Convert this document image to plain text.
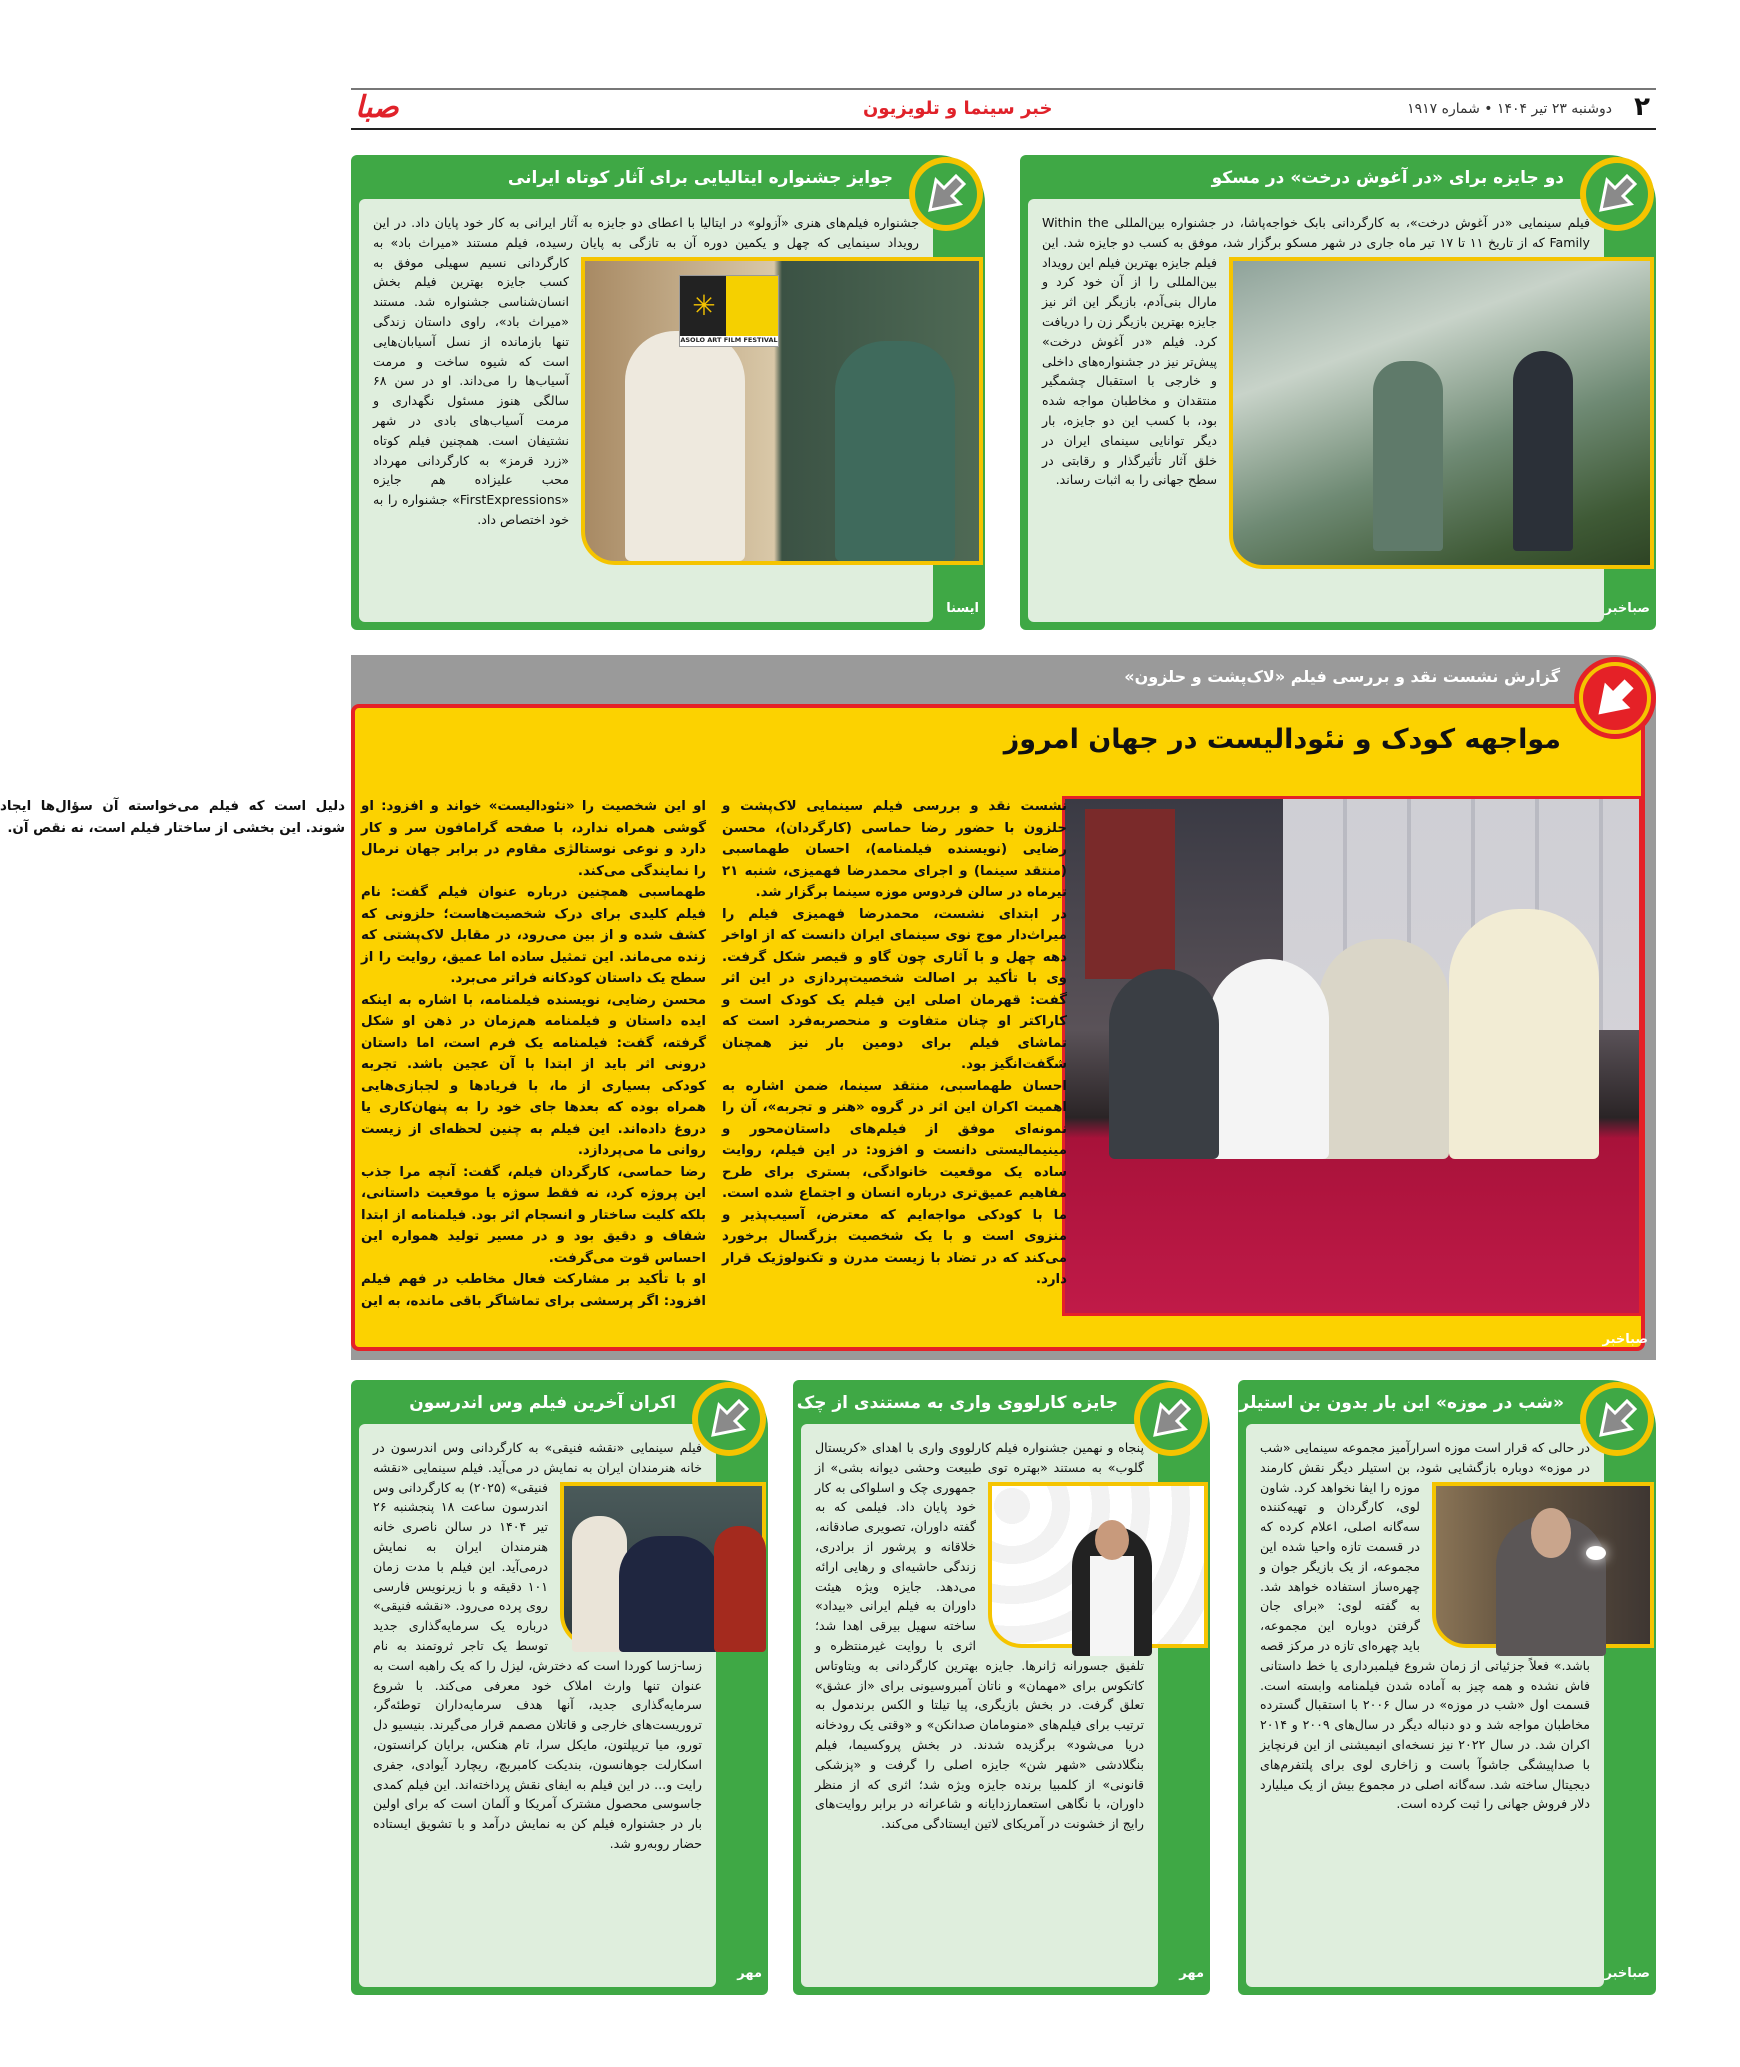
۲
دوشنبه ۲۳ تیر ۱۴۰۴ • شماره ۱۹۱۷
خبر سینما و تلویزیون
صبا
دو جایزه برای «در آغوش درخت» در مسکو

فیلم سینمایی «در آغوش درخت»، به کارگردانی بابک خواجه‌پاشا، در جشنواره بین‌المللی Within the Family که از تاریخ ۱۱ تا ۱۷ تیر ماه جاری در شهر مسکو برگزار شد، موفق به کسب دو جایزه شد. این فیلم جایزه بهترین فیلم این رویداد بین‌المللی را از آن خود کرد و مارال بنی‌آدم، بازیگر این اثر نیز جایزه بهترین بازیگر زن را دریافت کرد. فیلم «در آغوش درخت» پیش‌تر نیز در جشنواره‌های داخلی و خارجی با استقبال چشمگیر منتقدان و مخاطبان مواجه شده بود، با کسب این دو جایزه، بار دیگر توانایی سینمای ایران در خلق آثار تأثیرگذار و رقابتی در سطح جهانی را به اثبات رساند.

صباخبر
جوایز جشنواره ایتالیایی برای آثار کوتاه ایرانی
✳
ASOLO ART FILM FESTIVAL

جشنواره فیلم‌های هنری «آزولو» در ایتالیا با اعطای دو جایزه به آثار ایرانی به کار خود پایان داد. در این رویداد سینمایی که چهل و یکمین دوره آن به تازگی به پایان رسیده، فیلم مستند «میراث باد» به کارگردانی نسیم سهیلی موفق به کسب جایزه بهترین فیلم بخش انسان‌شناسی جشنواره شد. مستند «میراث باد»، راوی داستان زندگی تنها بازمانده از نسل آسیابان‌هایی است که شیوه ساخت و مرمت آسیاب‌ها را می‌داند. او در سن ۶۸ سالگی هنوز مسئول نگهداری و مرمت آسیاب‌های بادی در شهر نشتیفان است. همچنین فیلم کوتاه «زرد قرمز» به کارگردانی مهرداد محب علیزاده هم جایزه «FirstExpressions» جشنواره را به خود اختصاص داد.

ایسنا
گزارش نشست نقد و بررسی فیلم «لاک‌پشت و حلزون»
مواجهه کودک و نئودالیست در جهان امروز

نشست نقد و بررسی فیلم سینمایی لاک‌پشت و حلزون با حضور رضا حماسی (کارگردان)، محسن رضایی (نویسنده فیلمنامه)، احسان طهماسبی (منتقد سینما) و اجرای محمدرضا فهمیزی، شنبه ۲۱ تیرماه در سالن فردوس موزه سینما برگزار شد.

در ابتدای نشست، محمدرضا فهمیزی فیلم را میراث‌دار موج نوی سینمای ایران دانست که از اواخر دهه چهل و با آثاری چون گاو و قیصر شکل گرفت. وی با تأکید بر اصالت شخصیت‌پردازی در این اثر گفت: قهرمان اصلی این فیلم یک کودک است و کاراکتر او چنان متفاوت و منحصربه‌فرد است که تماشای فیلم برای دومین بار نیز همچنان شگفت‌انگیز بود.

احسان طهماسبی، منتقد سینما، ضمن اشاره به اهمیت اکران این اثر در گروه «هنر و تجربه»، آن را نمونه‌ای موفق از فیلم‌های داستان‌محور و مینیمالیستی دانست و افزود: در این فیلم، روایت ساده یک موقعیت خانوادگی، بستری برای طرح مفاهیم عمیق‌تری درباره انسان و اجتماع شده است. ما با کودکی مواجه‌ایم که معترض، آسیب‌پذیر و منزوی است و با یک شخصیت بزرگسال برخورد می‌کند که در تضاد با زیست مدرن و تکنولوژیک قرار دارد.

او این شخصیت را «نئودالیست» خواند و افزود: او گوشی همراه ندارد، با صفحه گرامافون سر و کار دارد و نوعی نوستالژی مقاوم در برابر جهان نرمال را نمایندگی می‌کند.

طهماسبی همچنین درباره عنوان فیلم گفت: نام فیلم کلیدی برای درک شخصیت‌هاست؛ حلزونی که کشف شده و از بین می‌رود، در مقابل لاک‌پشتی که زنده می‌ماند. این تمثیل ساده اما عمیق، روایت را از سطح یک داستان کودکانه فراتر می‌برد.

محسن رضایی، نویسنده فیلمنامه، با اشاره به اینکه ایده داستان و فیلمنامه هم‌زمان در ذهن او شکل گرفته، گفت: فیلمنامه یک فرم است، اما داستان درونی اثر باید از ابتدا با آن عجین باشد. تجربه کودکی بسیاری از ما، با فریادها و لجبازی‌هایی همراه بوده که بعدها جای خود را به پنهان‌کاری یا دروغ داده‌اند. این فیلم به چنین لحظه‌ای از زیست روانی ما می‌پردازد.

رضا حماسی، کارگردان فیلم، گفت: آنچه مرا جذب این پروژه کرد، نه فقط سوژه یا موقعیت داستانی، بلکه کلیت ساختار و انسجام اثر بود. فیلمنامه از ابتدا شفاف و دقیق بود و در مسیر تولید همواره این احساس قوت می‌گرفت.

او با تأکید بر مشارکت فعال مخاطب در فهم فیلم افزود: اگر پرسشی برای تماشاگر باقی مانده، به این دلیل است که فیلم می‌خواسته آن سؤال‌ها ایجاد شوند. این بخشی از ساختار فیلم است، نه نقص آن.

صباخبر
«شب در موزه» این بار بدون بن استیلر

در حالی که قرار است موزه اسرارآمیز مجموعه سینمایی «شب در موزه» دوباره بازگشایی شود، بن استیلر دیگر نقش کارمند موزه را ایفا نخواهد کرد. شاون لوی، کارگردان و تهیه‌کننده سه‌گانه اصلی، اعلام کرده که در قسمت تازه واحیا شده این مجموعه، از یک بازیگر جوان و چهره‌ساز استفاده خواهد شد. به گفته لوی: «برای جان گرفتن دوباره این مجموعه، باید چهره‌ای تازه در مرکز قصه باشد.» فعلاً جزئیاتی از زمان شروع فیلمبرداری یا خط داستانی فاش نشده و همه چیز به آماده شدن فیلمنامه وابسته است. قسمت اول «شب در موزه» در سال ۲۰۰۶ با استقبال گسترده مخاطبان مواجه شد و دو دنباله دیگر در سال‌های ۲۰۰۹ و ۲۰۱۴ اکران شد. در سال ۲۰۲۲ نیز نسخه‌ای انیمیشنی از این فرنچایز با صداپیشگی جاشوآ باست و زاخاری لوی برای پلتفرم‌های دیجیتال ساخته شد. سه‌گانه اصلی در مجموع بیش از یک میلیارد دلار فروش جهانی را ثبت کرده است.

صباخبر
جایزه کارلووی واری به مستندی از چک

پنجاه و نهمین جشنواره فیلم کارلووی واری با اهدای «کریستال گلوب» به مستند «بهتره توی طبیعت وحشی دیوانه بشی» از جمهوری چک و اسلواکی به کار خود پایان داد. فیلمی که به گفته داوران، تصویری صادقانه، خلاقانه و پرشور از برادری، زندگی حاشیه‌ای و رهایی ارائه می‌دهد. جایزه ویژه هیئت داوران به فیلم ایرانی «بیداد» ساخته سهیل بیرقی اهدا شد؛ اثری با روایت غیرمنتظره و تلفیق جسورانه ژانرها. جایزه بهترین کارگردانی به ویتاوتاس کاتکوس برای «مهمان» و ناتان آمبروسیونی برای «از عشق» تعلق گرفت. در بخش بازیگری، پیا تیلتا و الکس برندمول به ترتیب برای فیلم‌های «منومامان صدانکن» و «وقتی یک رودخانه دریا می‌شود» برگزیده شدند. در بخش پروکسیما، فیلم بنگلادشی «شهر شن» جایزه اصلی را گرفت و «پزشکی قانونی» از کلمبیا برنده جایزه ویژه شد؛ اثری که از منظر داوران، با نگاهی استعمارزدایانه و شاعرانه در برابر روایت‌های رایج از خشونت در آمریکای لاتین ایستادگی می‌کند.

مهر
اکران آخرین فیلم وس اندرسون

فیلم سینمایی «نقشه فنیقی» به کارگردانی وس اندرسون در خانه هنرمندان ایران به نمایش در می‌آید. فیلم سینمایی «نقشه فنیقی» (۲۰۲۵) به کارگردانی وس اندرسون ساعت ۱۸ پنجشنبه ۲۶ تیر ۱۴۰۴ در سالن ناصری خانه هنرمندان ایران به نمایش درمی‌آید. این فیلم با مدت زمان ۱۰۱ دقیقه و با زیرنویس فارسی روی پرده می‌رود. «نقشه فنیقی» درباره یک سرمایه‌گذاری جدید توسط یک تاجر ثروتمند به نام زسا-زسا کوردا است که دخترش، لیزل را که یک راهبه است به عنوان تنها وارث املاک خود معرفی می‌کند. با شروع سرمایه‌گذاری جدید، آنها هدف سرمایه‌داران توطئه‌گر، تروریست‌های خارجی و قاتلان مصمم قرار می‌گیرند. بنیسیو دل تورو، میا تریپلتون، مایکل سرا، تام هنکس، برایان کرانستون، اسکارلت جوهانسون، بندیکت کامبربچ، ریچارد آیوادی، جفری رایت و... در این فیلم به ایفای نقش پرداخته‌اند. این فیلم کمدی جاسوسی محصول مشترک آمریکا و آلمان است که برای اولین بار در جشنواره فیلم کن به نمایش درآمد و با تشویق ایستاده حضار روبه‌رو شد.

مهر
